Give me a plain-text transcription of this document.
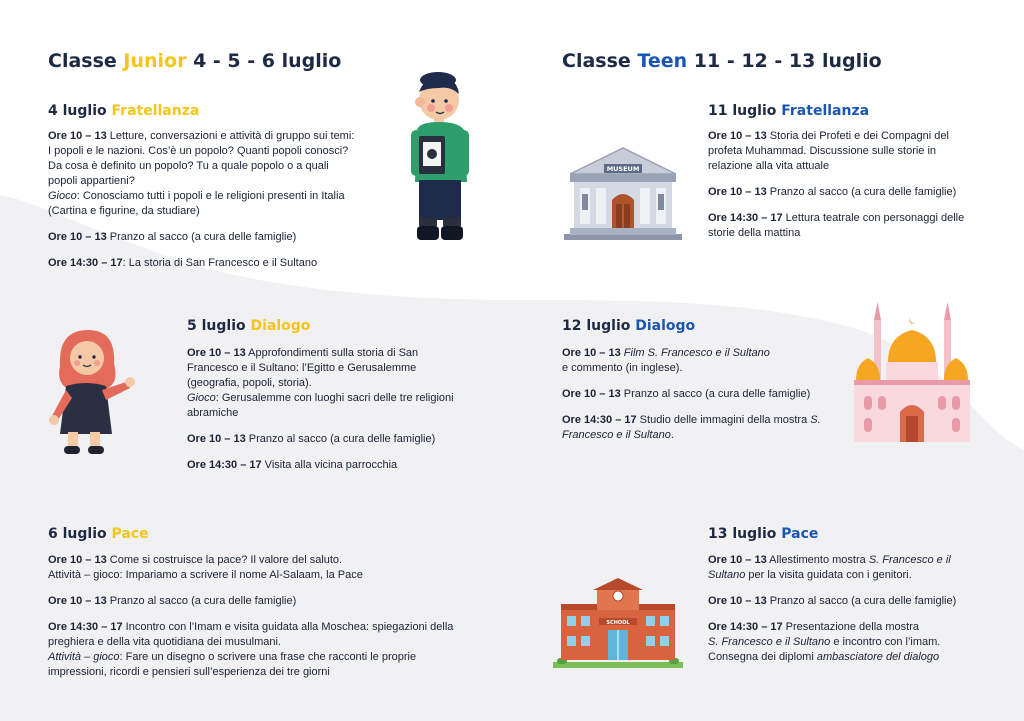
Classe Junior 4 - 5 - 6 luglio
4 luglio Fratellanza

Ore 10 – 13 Letture, conversazioni e attività di gruppo sui temi: I popoli e le nazioni. Cos’è un popolo? Quanti popoli conosci? Da cosa è definito un popolo? Tu a quale popolo o a quali popoli appartieni?
Gioco: Conosciamo tutti i popoli e le religioni presenti in Italia (Cartina e figurine, da studiare)

Ore 10 – 13 Pranzo al sacco (a cura delle famiglie)

Ore 14:30 – 17: La storia di San Francesco e il Sultano

5 luglio Dialogo

Ore 10 – 13 Approfondimenti sulla storia di San Francesco e il Sultano: l’Egitto e Gerusalemme (geografia, popoli, storia).
Gioco: Gerusalemme con luoghi sacri delle tre religioni abramiche

Ore 10 – 13 Pranzo al sacco (a cura delle famiglie)

Ore 14:30 – 17 Visita alla vicina parrocchia

6 luglio Pace

Ore 10 – 13 Come si costruisce la pace? Il valore del saluto.
Attività – gioco: Impariamo a scrivere il nome Al-Salaam, la Pace

Ore 10 – 13 Pranzo al sacco (a cura delle famiglie)

Ore 14:30 – 17 Incontro con l’Imam e visita guidata alla Moschea: spiegazioni della preghiera e della vita quotidiana dei musulmani.
Attività – gioco: Fare un disegno o scrivere una frase che racconti le proprie impressioni, ricordi e pensieri sull’esperienza dei tre giorni

Classe Teen 11 - 12 - 13 luglio
11 luglio Fratellanza

Ore 10 – 13 Storia dei Profeti e dei Compagni del profeta Muhammad. Discussione sulle storie in relazione alla vita attuale

Ore 10 – 13 Pranzo al sacco (a cura delle famiglie)

Ore 14:30 – 17 Lettura teatrale con personaggi delle storie della mattina

12 luglio Dialogo

Ore 10 – 13 Film S. Francesco e il Sultano
e commento (in inglese).

Ore 10 – 13 Pranzo al sacco (a cura delle famiglie)

Ore 14:30 – 17 Studio delle immagini della mostra S. Francesco e il Sultano.

13 luglio Pace

Ore 10 – 13 Allestimento mostra S. Francesco e il Sultano per la visita guidata con i genitori.

Ore 10 – 13 Pranzo al sacco (a cura delle famiglie)

Ore 14:30 – 17 Presentazione della mostra
S. Francesco e il Sultano e incontro con l’imam.
Consegna dei diplomi ambasciatore del dialogo

MUSEUM
SCHOOL
